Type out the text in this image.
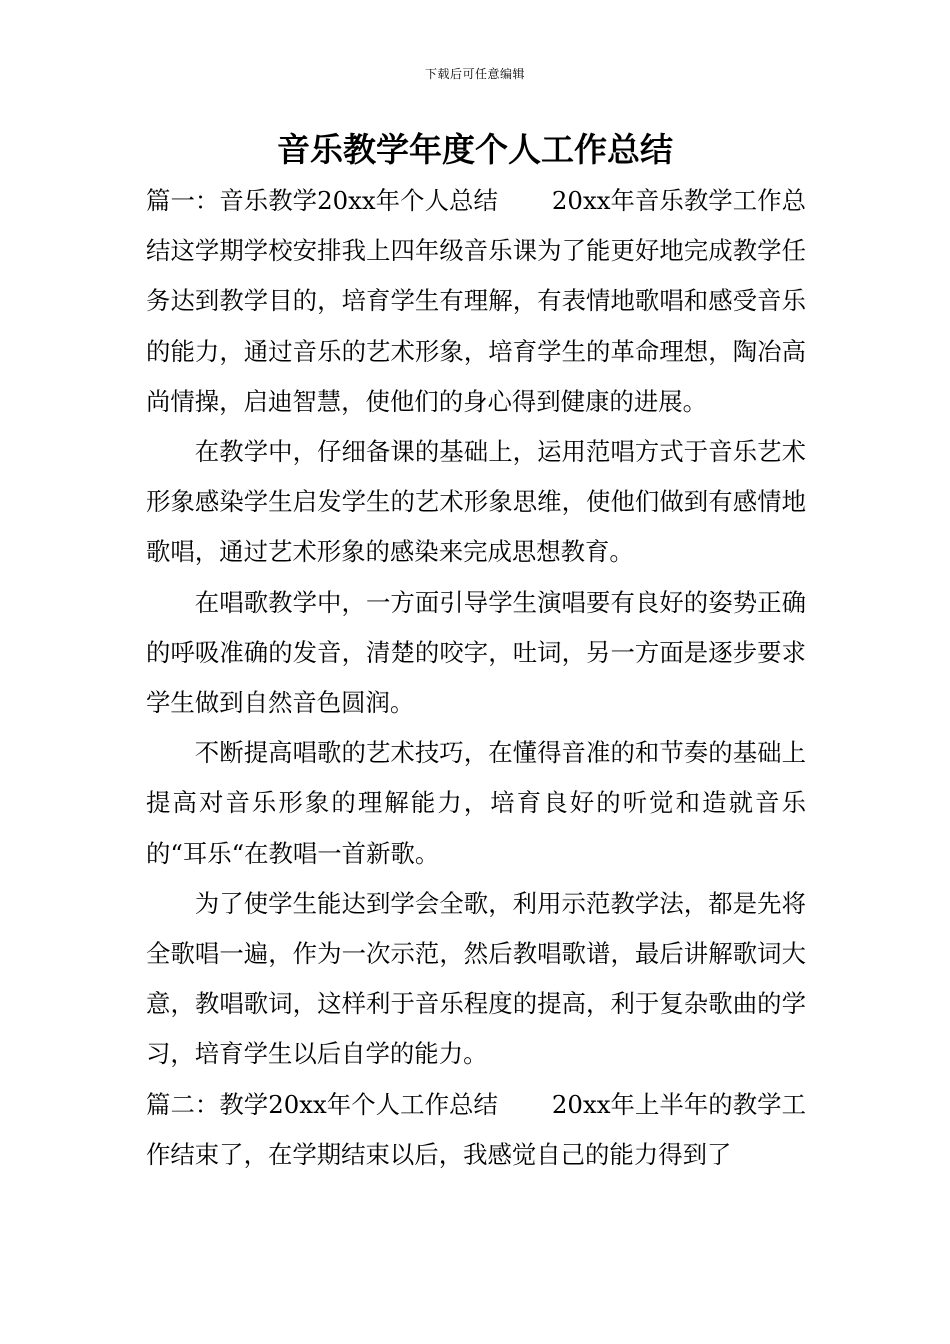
下载后可任意编辑
音乐教学年度个人工作总结

篇一：音乐教学20xx年个人总结 20xx年音乐教学工作总结这学期学校安排我上四年级音乐课为了能更好地完成教学任务达到教学目的，培育学生有理解，有表情地歌唱和感受音乐的能力，通过音乐的艺术形象，培育学生的革命理想，陶冶高尚情操，启迪智慧，使他们的身心得到健康的进展。

在教学中，仔细备课的基础上，运用范唱方式于音乐艺术形象感染学生启发学生的艺术形象思维，使他们做到有感情地歌唱，通过艺术形象的感染来完成思想教育。

在唱歌教学中，一方面引导学生演唱要有良好的姿势正确的呼吸准确的发音，清楚的咬字，吐词，另一方面是逐步要求学生做到自然音色圆润。

不断提高唱歌的艺术技巧，在懂得音准的和节奏的基础上提高对音乐形象的理解能力，培育良好的听觉和造就音乐的“耳乐“在教唱一首新歌。

为了使学生能达到学会全歌，利用示范教学法，都是先将全歌唱一遍，作为一次示范，然后教唱歌谱，最后讲解歌词大意，教唱歌词，这样利于音乐程度的提高，利于复杂歌曲的学习，培育学生以后自学的能力。

篇二：教学20xx年个人工作总结 20xx年上半年的教学工作结束了，在学期结束以后，我感觉自己的能力得到了
